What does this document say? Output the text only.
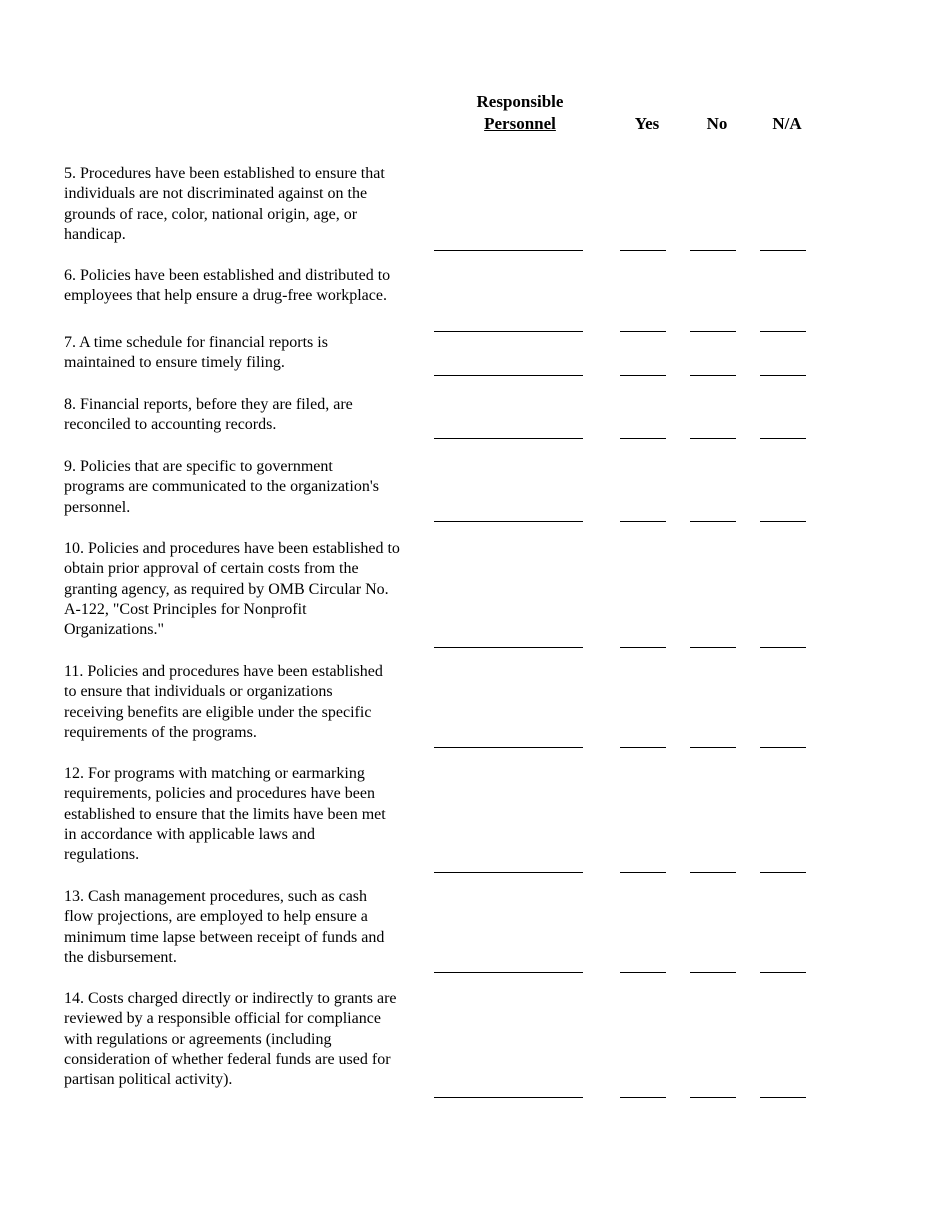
Responsible
Personnel	Yes	No	N/A
5. Procedures have been established to ensure that
individuals are not discriminated against on the
grounds of race, color, national origin, age, or
handicap.
6. Policies have been established and distributed to
employees that help ensure a drug-free workplace.
7. A time schedule for financial reports is
maintained to ensure timely filing.
8. Financial reports, before they are filed, are
reconciled to accounting records.
9. Policies that are specific to government
programs are communicated to the organization's
personnel.
10. Policies and procedures have been established to
obtain prior approval of certain costs from the
granting agency, as required by OMB Circular No.
A-122, "Cost Principles for Nonprofit
Organizations."
11. Policies and procedures have been established
to ensure that individuals or organizations
receiving benefits are eligible under the specific
requirements of the programs.
12. For programs with matching or earmarking
requirements, policies and procedures have been
established to ensure that the limits have been met
in accordance with applicable laws and
regulations.
13. Cash management procedures, such as cash
flow projections, are employed to help ensure a
minimum time lapse between receipt of funds and
the disbursement.
14. Costs charged directly or indirectly to grants are
reviewed by a responsible official for compliance
with regulations or agreements (including
consideration of whether federal funds are used for
partisan political activity).
